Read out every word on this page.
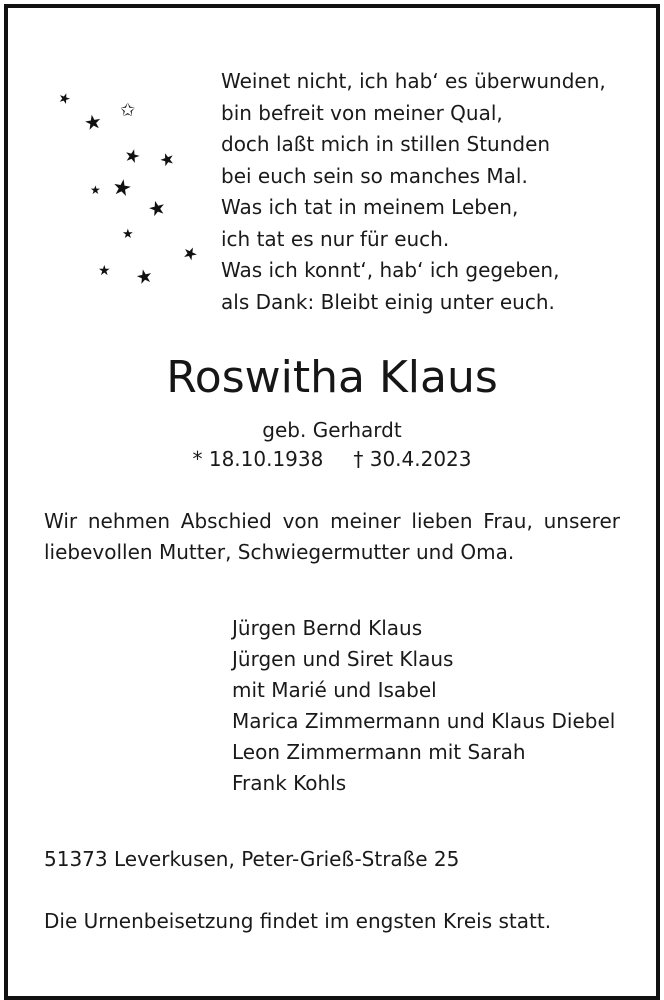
★
★ ✩
★ ★
★ ★
★
★
★
★ ★
Weinet nicht, ich hab‘ es überwunden,
bin befreit von meiner Qual,
doch laßt mich in stillen Stunden
bei euch sein so manches Mal.
Was ich tat in meinem Leben,
ich tat es nur für euch.
Was ich konnt‘, hab‘ ich gegeben,
als Dank: Bleibt einig unter euch.
Roswitha Klaus
geb. Gerhardt
* 18.10.1938 † 30.4.2023
Wir nehmen Abschied von meiner lieben Frau, unserer
liebevollen Mutter, Schwiegermutter und Oma.
Jürgen Bernd Klaus
Jürgen und Siret Klaus
mit Marié und Isabel
Marica Zimmermann und Klaus Diebel
Leon Zimmermann mit Sarah
Frank Kohls
51373 Leverkusen, Peter-Grieß-Straße 25
Die Urnenbeisetzung findet im engsten Kreis statt.
